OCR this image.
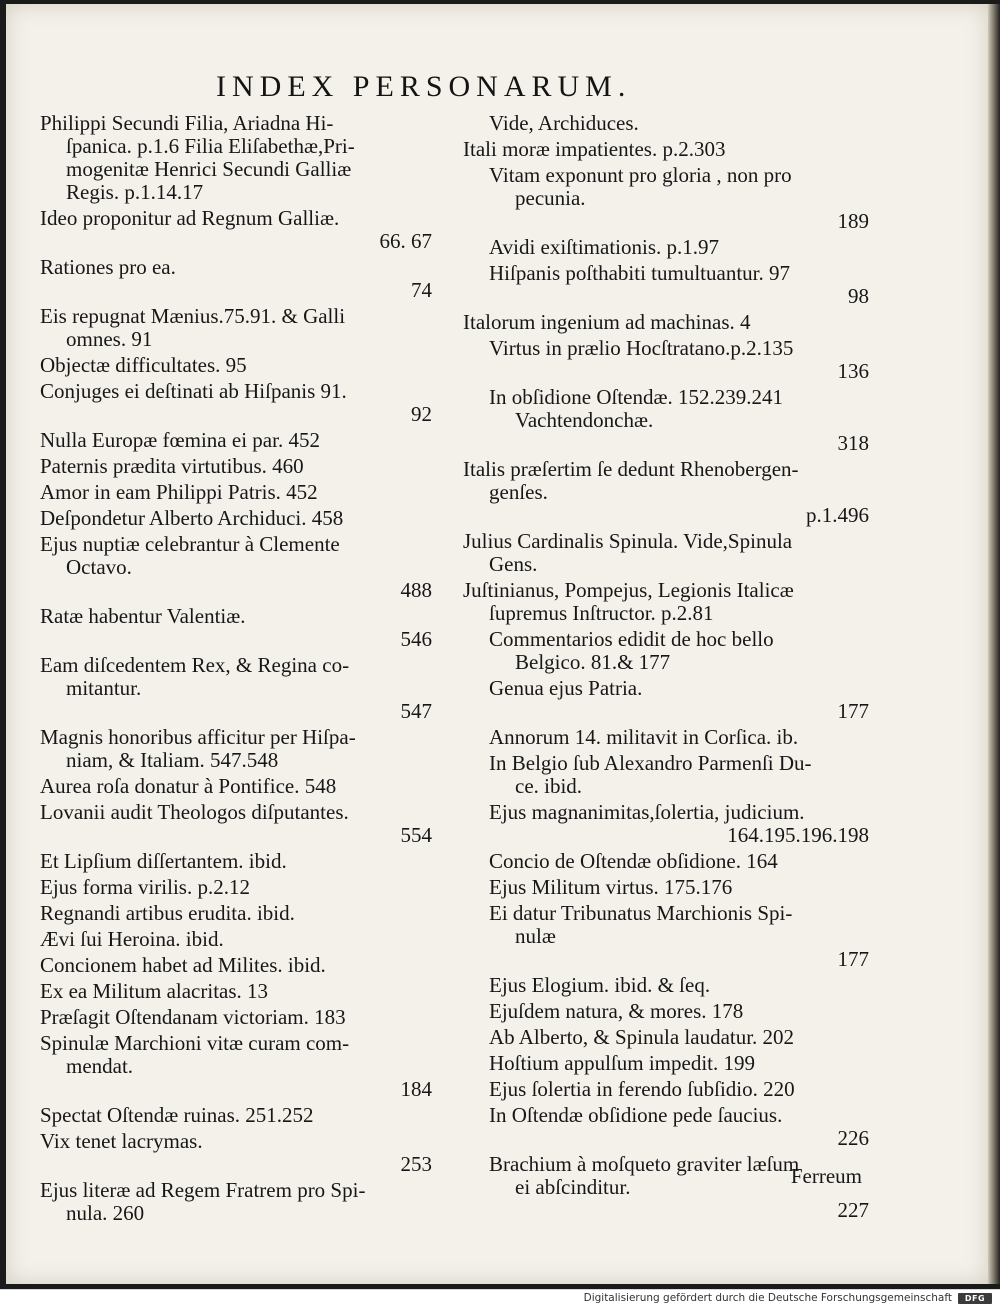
INDEX PERSONARUM.
Philippi Secundi Filia, Ariadna Hi-
ſpanica. p.1.6 Filia Eliſabethæ,Pri-
mogenitæ Henrici Secundi Galliæ
Regis. p.1.14.17
Ideo proponitur ad Regnum Galliæ.
66. 67
Rationes pro ea.
74
Eis repugnat Mænius.75.91. & Galli
omnes. 91
Objectæ difficultates. 95
Conjuges ei deſtinati ab Hiſpanis 91.
92
Nulla Europæ fœmina ei par. 452
Paternis prædita virtutibus. 460
Amor in eam Philippi Patris. 452
Deſpondetur Alberto Archiduci. 458
Ejus nuptiæ celebrantur à Clemente
Octavo.
488
Ratæ habentur Valentiæ.
546
Eam diſcedentem Rex, & Regina co-
mitantur.
547
Magnis honoribus afficitur per Hiſpa-
niam, & Italiam. 547.548
Aurea roſa donatur à Pontifice. 548
Lovanii audit Theologos diſputantes.
554
Et Lipſium diſſertantem. ibid.
Ejus forma virilis. p.2.12
Regnandi artibus erudita. ibid.
Ævi ſui Heroina. ibid.
Concionem habet ad Milites. ibid.
Ex ea Militum alacritas. 13
Præſagit Oſtendanam victoriam. 183
Spinulæ Marchioni vitæ curam com-
mendat.
184
Spectat Oſtendæ ruinas. 251.252
Vix tenet lacrymas.
253
Ejus literæ ad Regem Fratrem pro Spi-
nula. 260
Vide, Archiduces.
Itali moræ impatientes. p.2.303
Vitam exponunt pro gloria , non pro
pecunia.
189
Avidi exiſtimationis. p.1.97
Hiſpanis poſthabiti tumultuantur. 97
98
Italorum ingenium ad machinas. 4
Virtus in prælio Hocſtratano.p.2.135
136
In obſidione Oſtendæ. 152.239.241
Vachtendonchæ.
318
Italis præſertim ſe dedunt Rhenobergen-
genſes.
p.1.496
Julius Cardinalis Spinula. Vide,Spinula
Gens.
Juſtinianus, Pompejus, Legionis Italicæ
ſupremus Inſtructor. p.2.81
Commentarios edidit de hoc bello
Belgico. 81.& 177
Genua ejus Patria.
177
Annorum 14. militavit in Corſica. ib.
In Belgio ſub Alexandro Parmenſi Du-
ce. ibid.
Ejus magnanimitas,ſolertia, judicium.
164.195.196.198
Concio de Oſtendæ obſidione. 164
Ejus Militum virtus. 175.176
Ei datur Tribunatus Marchionis Spi-
nulæ
177
Ejus Elogium. ibid. & ſeq.
Ejuſdem natura, & mores. 178
Ab Alberto, & Spinula laudatur. 202
Hoſtium appulſum impedit. 199
Ejus ſolertia in ferendo ſubſidio. 220
In Oſtendæ obſidione pede ſaucius.
226
Brachium à moſqueto graviter læſum
ei abſcinditur.
227
Ferreum
Digitalisierung gefördert durch die Deutsche Forschungsgemeinschaft	DFG
